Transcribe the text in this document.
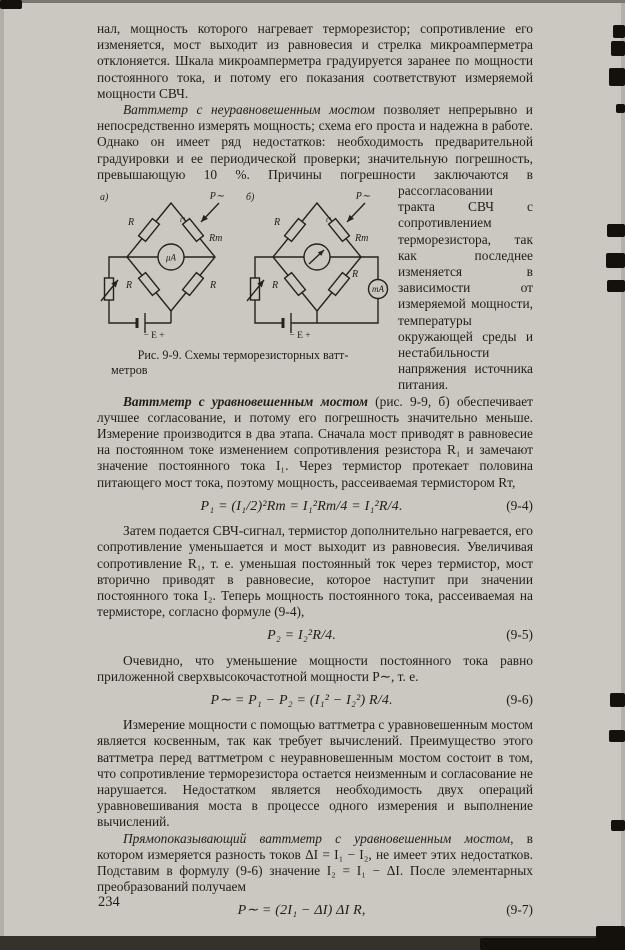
нал, мощность которого нагревает терморезистор; сопротивление его изменяется, мост выходит из равновесия и стрелка микроамперметра отклоняется. Шкала микроамперметра градуируется заранее по мощности постоянного тока, и потому его показания соответствуют измеряемой мощности СВЧ.

Ваттметр с неуравновешенным мостом позволяет непрерывно и непосредственно измерять мощность; схема его проста и надежна в работе. Однако он имеет ряд недостатков: необходимость предварительной градуировки и ее периодической проверки; значительную погрешность, превышающую 10 %. Причины погрешности заключаются
μA
P∼
а)
R
R	R
Rт
t°
− E +
mA
P∼
б)
R
R
R
Rт
t°
− E +
Рис. 9-9. Схемы терморезисторных ватт-
метров
в рассогласовании тракта СВЧ с сопротивлением терморезистора, так как последнее изменяется в зависимости от измеряемой мощности, температуры окружающей среды и нестабильности напряжения источника питания.

Ваттметр с уравновешенным мостом (рис. 9-9, б) обеспечивает лучшее согласование, и потому его погрешность значительно меньше. Измерение производится в два этапа. Сначала мост приводят в равновесие на постоянном токе изменением сопротивления резистора R₁ и замечают значение постоянного тока I₁. Через термистор протекает половина питающего мост тока, поэтому мощность, рассеиваемая термистором Rт,

P₁ = (I₁/2)²Rт = I₁²Rт/4 = I₁²R/4.	(9-4)

Затем подается СВЧ-сигнал, термистор дополнительно нагревается, его сопротивление уменьшается и мост выходит из равновесия. Увеличивая сопротивление R₁, т. е. уменьшая постоянный ток через термистор, мост вторично приводят в равновесие, которое наступит при значении постоянного тока I₂. Теперь мощность постоянного тока, рассеиваемая на термисторе, согласно формуле (9-4),

P₂ = I₂²R/4.	(9-5)

Очевидно, что уменьшение мощности постоянного тока равно приложенной сверхвысокочастотной мощности P∼, т. е.

P∼ = P₁ − P₂ = (I₁² − I₂²) R/4.	(9-6)

Измерение мощности с помощью ваттметра с уравновешенным мостом является косвенным, так как требует вычислений. Преимущество этого ваттметра перед ваттметром с неуравновешенным мостом состоит в том, что сопротивление терморезистора остается неизменным и согласование не нарушается. Недостатком является необходимость двух операций уравновешивания моста в процессе одного измерения и выполнение вычислений.

Прямопоказывающий ваттметр с уравновешенным мостом, в котором измеряется разность токов ΔI = I₁ − I₂, не имеет этих недостатков. Подставим в формулу (9-6) значение I₂ = I₁ − ΔI. После элементарных преобразований получаем

P∼ = (2I₁ − ΔI) ΔI R,	(9-7)
234
